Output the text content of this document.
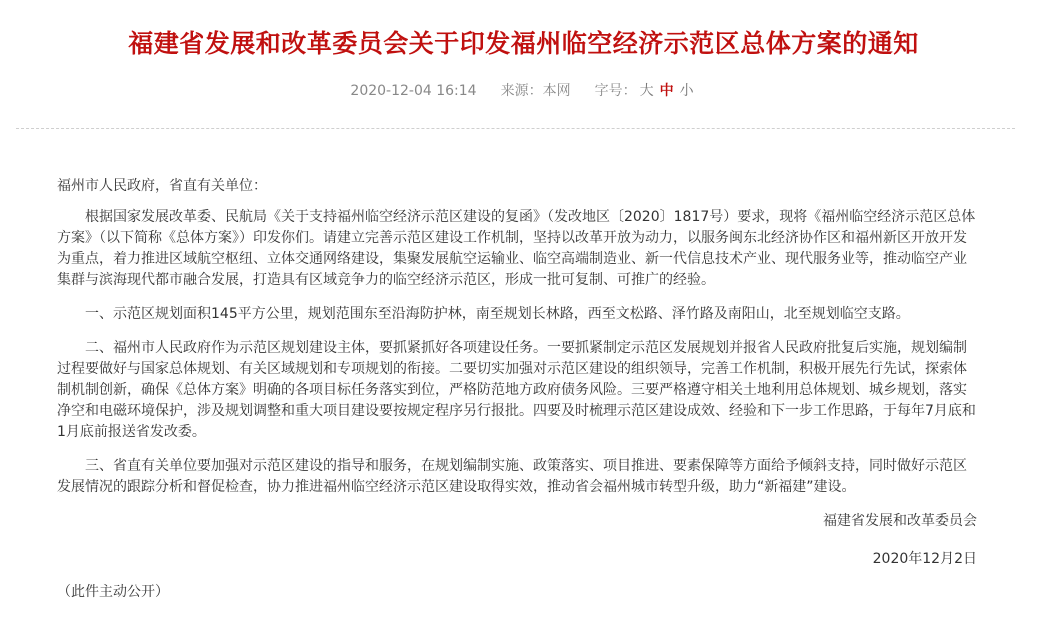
福建省发展和改革委员会关于印发福州临空经济示范区总体方案的通知
2020-12-04 16:14 来源：本网 字号： 大 中 小

福州市人民政府，省直有关单位：

根据国家发展改革委、民航局《关于支持福州临空经济示范区建设的复函》（发改地区〔2020〕1817号）要求，现将《福州临空经济示范区总体方案》（以下简称《总体方案》）印发你们。请建立完善示范区建设工作机制，坚持以改革开放为动力，以服务闽东北经济协作区和福州新区开放开发为重点，着力推进区域航空枢纽、立体交通网络建设，集聚发展航空运输业、临空高端制造业、新一代信息技术产业、现代服务业等，推动临空产业集群与滨海现代都市融合发展，打造具有区域竞争力的临空经济示范区，形成一批可复制、可推广的经验。

一、示范区规划面积145平方公里，规划范围东至沿海防护林，南至规划长林路，西至文松路、泽竹路及南阳山，北至规划临空支路。

二、福州市人民政府作为示范区规划建设主体，要抓紧抓好各项建设任务。一要抓紧制定示范区发展规划并报省人民政府批复后实施，规划编制过程要做好与国家总体规划、有关区域规划和专项规划的衔接。二要切实加强对示范区建设的组织领导，完善工作机制，积极开展先行先试，探索体制机制创新，确保《总体方案》明确的各项目标任务落实到位，严格防范地方政府债务风险。三要严格遵守相关土地利用总体规划、城乡规划，落实净空和电磁环境保护，涉及规划调整和重大项目建设要按规定程序另行报批。四要及时梳理示范区建设成效、经验和下一步工作思路，于每年7月底和1月底前报送省发改委。

三、省直有关单位要加强对示范区建设的指导和服务，在规划编制实施、政策落实、项目推进、要素保障等方面给予倾斜支持，同时做好示范区发展情况的跟踪分析和督促检查，协力推进福州临空经济示范区建设取得实效，推动省会福州城市转型升级，助力“新福建”建设。

福建省发展和改革委员会

2020年12月2日

（此件主动公开）
